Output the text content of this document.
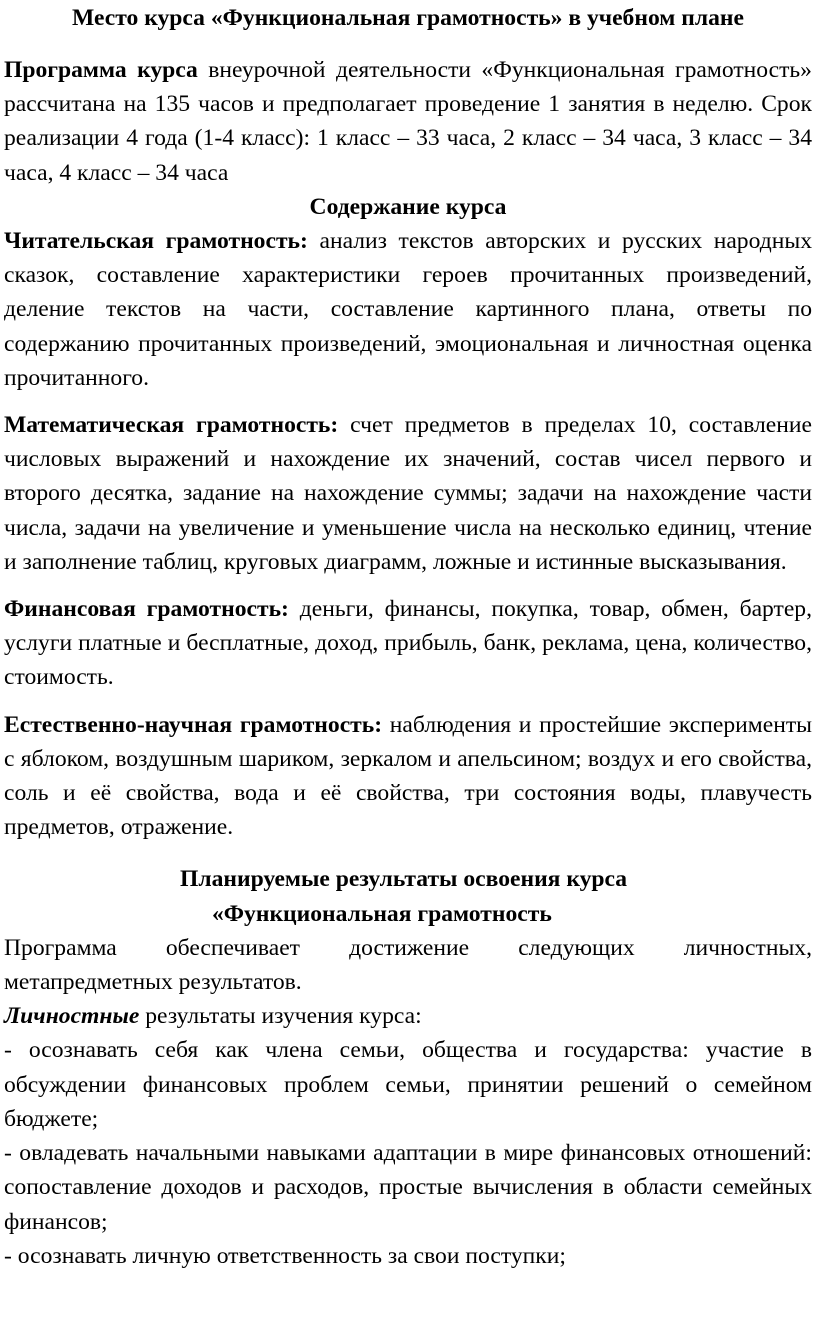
Место курса «Функциональная грамотность» в учебном плане

Программа курса внеурочной деятельности «Функциональная грамотность» рассчитана на 135 часов и предполагает проведение 1 занятия в неделю. Срок реализации 4 года (1-4 класс): 1 класс – 33 часа, 2 класс – 34 часа, 3 класс – 34 часа, 4 класс – 34 часа

Содержание курса

Читательская грамотность: анализ текстов авторских и русских народных сказок, составление характеристики героев прочитанных произведений, деление текстов на части, составление картинного плана, ответы по содержанию прочитанных произведений, эмоциональная и личностная оценка прочитанного.

Математическая грамотность: счет предметов в пределах 10, составление числовых выражений и нахождение их значений, состав чисел первого и второго десятка, задание на нахождение суммы; задачи на нахождение части числа, задачи на увеличение и уменьшение числа на несколько единиц, чтение и заполнение таблиц, круговых диаграмм, ложные и истинные высказывания.

Финансовая грамотность: деньги, финансы, покупка, товар, обмен, бартер, услуги платные и бесплатные, доход, прибыль, банк, реклама, цена, количество, стоимость.

Естественно-научная грамотность: наблюдения и простейшие эксперименты с яблоком, воздушным шариком, зеркалом и апельсином; воздух и его свойства, соль и её свойства, вода и её свойства, три состояния воды, плавучесть предметов, отражение.

Планируемые результаты освоения курса
«Функциональная грамотность

Программа обеспечивает достижение следующих личностных, метапредметных результатов.

Личностные результаты изучения курса:

- осознавать себя как члена семьи, общества и государства: участие в обсуждении финансовых проблем семьи, принятии решений о семейном бюджете;

- овладевать начальными навыками адаптации в мире финансовых отношений: сопоставление доходов и расходов, простые вычисления в области семейных финансов;

- осознавать личную ответственность за свои поступки;
